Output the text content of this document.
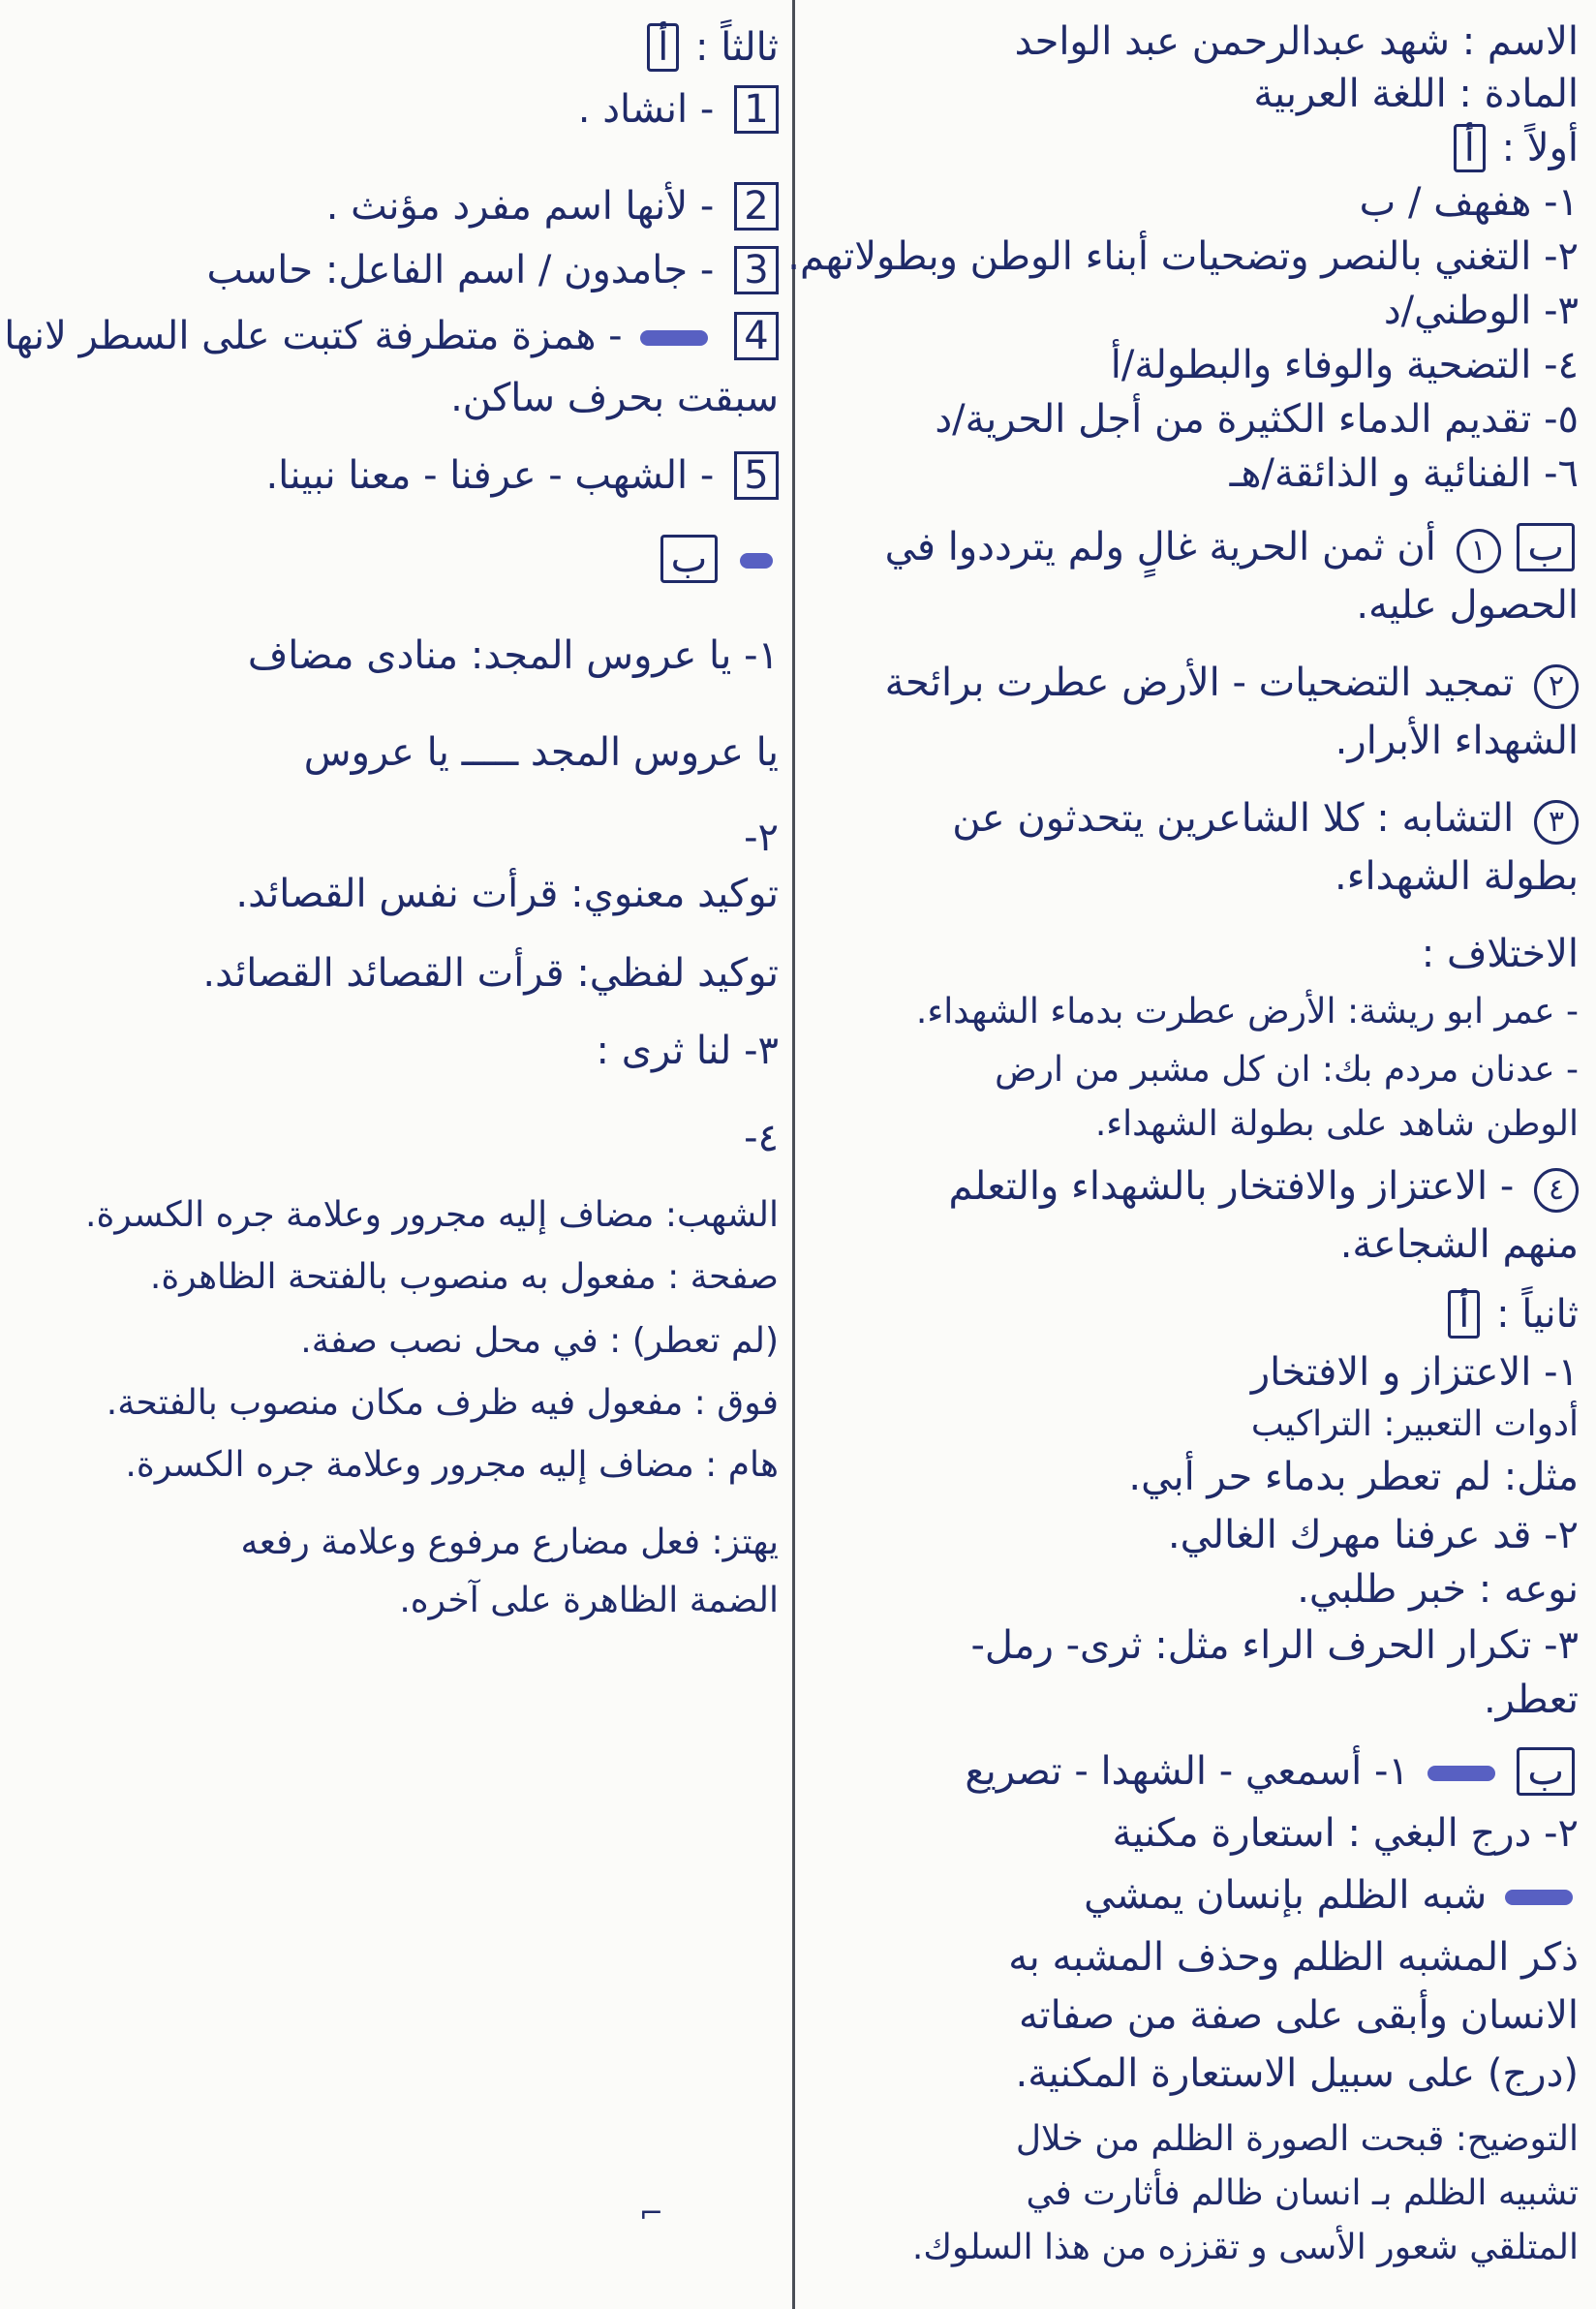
الاسم : شهد عبدالرحمن عبد الواحد
المادة : اللغة العربية
أولاً : أ
١- هفهف / ب
٢- التغني بالنصر وتضحيات أبناء الوطن وبطولاتهم.
٣- الوطني/د
٤- التضحية والوفاء والبطولة/أ
٥- تقديم الدماء الكثيرة من أجل الحرية/د
٦- الفنائية و الذائقة/هـ
ب ١ أن ثمن الحرية غالٍ ولم يترددوا في
الحصول عليه.
٢ تمجيد التضحيات - الأرض عطرت برائحة
الشهداء الأبرار.
٣ التشابه : كلا الشاعرين يتحدثون عن
بطولة الشهداء.
الاختلاف :
- عمر ابو ريشة: الأرض عطرت بدماء الشهداء.
- عدنان مردم بك: ان كل مشبر من ارض
الوطن شاهد على بطولة الشهداء.
٤ - الاعتزاز والافتخار بالشهداء والتعلم
منهم الشجاعة.
ثانياً : أ
١- الاعتزاز و الافتخار
أدوات التعبير: التراكيب
مثل: لم تعطر بدماء حر أبي.
٢- قد عرفنا مهرك الغالي.
نوعه : خبر طلبي.
٣- تكرار الحرف الراء مثل: ثرى- رمل-
تعطر.
ب  ١- أسمعي - الشهدا - تصريع
٢- درج البغي : استعارة مكنية
شبه الظلم بإنسان يمشي
ذكر المشبه الظلم وحذف المشبه به
الانسان وأبقى على صفة من صفاته
(درج) على سبيل الاستعارة المكنية.
التوضيح: قبحت الصورة الظلم من خلال
تشبيه الظلم بـ انسان ظالم فأثارت في
المتلقي شعور الأسى و تقززه من هذا السلوك.
ثالثاً : أ
1 - انشاد .
2 - لأنها اسم مفرد مؤنث .
3 - جامدون / اسم الفاعل: حاسب
4  - همزة متطرفة كتبت على السطر لانها
سبقت بحرف ساكن.
5 - الشهب - عرفنا - معنا نبينا.
ب
١- يا عروس المجد: منادى مضاف
يا عروس المجد ـــــ يا عروس
٢-
توكيد معنوي: قرأت نفس القصائد.
توكيد لفظي: قرأت القصائد القصائد.
٣- لنا ثرى :
٤-
الشهب: مضاف إليه مجرور وعلامة جره الكسرة.
صفحة : مفعول به منصوب بالفتحة الظاهرة.
(لم تعطر) : في محل نصب صفة.
فوق : مفعول فيه ظرف مكان منصوب بالفتحة.
هام : مضاف إليه مجرور وعلامة جره الكسرة.
يهتز: فعل مضارع مرفوع وعلامة رفعه
الضمة الظاهرة على آخره.
⌐
